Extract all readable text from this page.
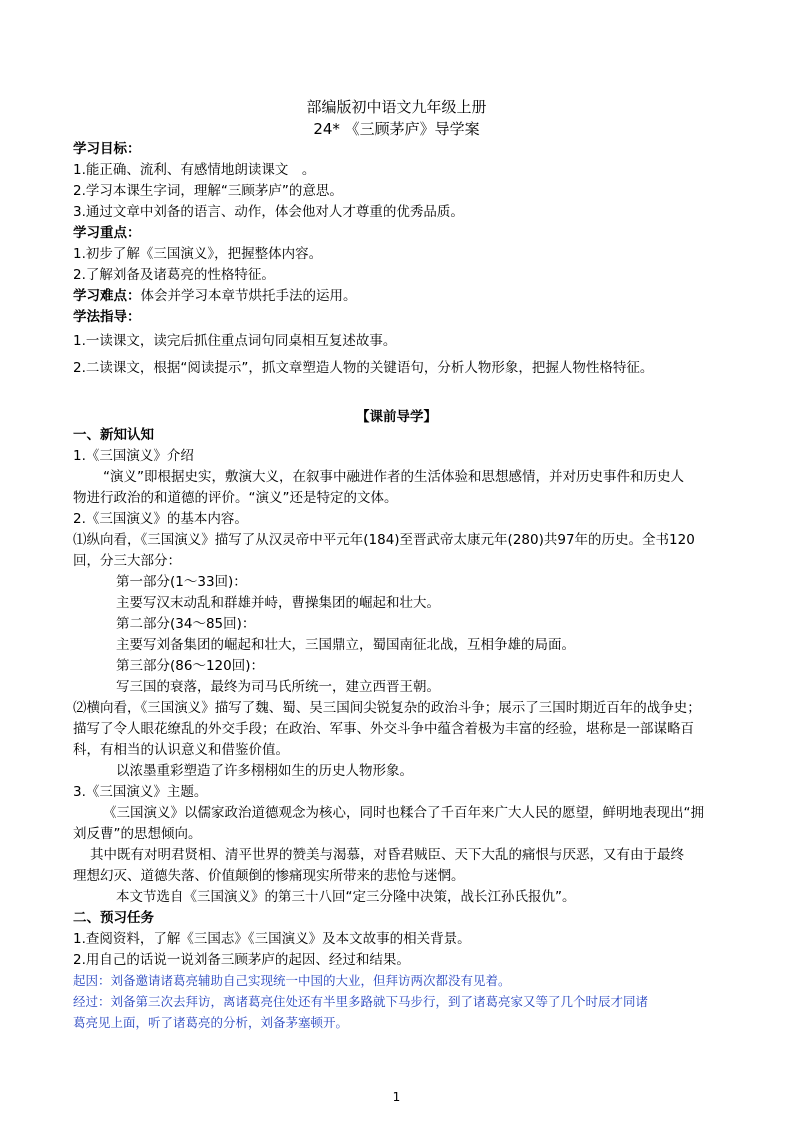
部编版初中语文九年级上册
24* 《三顾茅庐》导学案
学习目标：
1.能正确、流利、有感情地朗读课文　。
2.学习本课生字词，理解“三顾茅庐”的意思。
3.通过文章中刘备的语言、动作，体会他对人才尊重的优秀品质。
学习重点：
1.初步了解《三国演义》，把握整体内容。
2.了解刘备及诸葛亮的性格特征。
学习难点：体会并学习本章节烘托手法的运用。
学法指导：
1.一读课文，读完后抓住重点词句同桌相互复述故事。
2.二读课文，根据“阅读提示”，抓文章塑造人物的关键语句，分析人物形象，把握人物性格特征。
【课前导学】
一、新知认知
1.《三国演义》介绍
“演义”即根据史实，敷演大义，在叙事中融进作者的生活体验和思想感情，并对历史事件和历史人
物进行政治的和道德的评价。“演义”还是特定的文体。
2.《三国演义》的基本内容。
⑴纵向看，《三国演义》描写了从汉灵帝中平元年(184)至晋武帝太康元年(280)共97年的历史。全书120
回，分三大部分：
第一部分(1～33回)：
主要写汉末动乱和群雄并峙，曹操集团的崛起和壮大。
第二部分(34～85回)：
主要写刘备集团的崛起和壮大，三国鼎立，蜀国南征北战，互相争雄的局面。
第三部分(86～120回)：
写三国的衰落，最终为司马氏所统一，建立西晋王朝。
⑵横向看，《三国演义》描写了魏、蜀、吴三国间尖锐复杂的政治斗争；展示了三国时期近百年的战争史；
描写了令人眼花缭乱的外交手段；在政治、军事、外交斗争中蕴含着极为丰富的经验，堪称是一部谋略百
科，有相当的认识意义和借鉴价值。
以浓墨重彩塑造了许多栩栩如生的历史人物形象。
3.《三国演义》主题。
《三国演义》以儒家政治道德观念为核心，同时也糅合了千百年来广大人民的愿望，鲜明地表现出“拥
刘反曹”的思想倾向。
其中既有对明君贤相、清平世界的赞美与渴慕，对昏君贼臣、天下大乱的痛恨与厌恶，又有由于最终
理想幻灭、道德失落、价值颠倒的惨痛现实所带来的悲怆与迷惘。
本文节选自《三国演义》的第三十八回“定三分隆中决策，战长江孙氏报仇”。
二、预习任务
1.查阅资料，了解《三国志》《三国演义》及本文故事的相关背景。
2.用自己的话说一说刘备三顾茅庐的起因、经过和结果。
起因：刘备邀请诸葛亮辅助自己实现统一中国的大业，但拜访两次都没有见着。
经过：刘备第三次去拜访，离诸葛亮住处还有半里多路就下马步行，到了诸葛亮家又等了几个时辰才同诸
葛亮见上面，听了诸葛亮的分析，刘备茅塞顿开。
1
